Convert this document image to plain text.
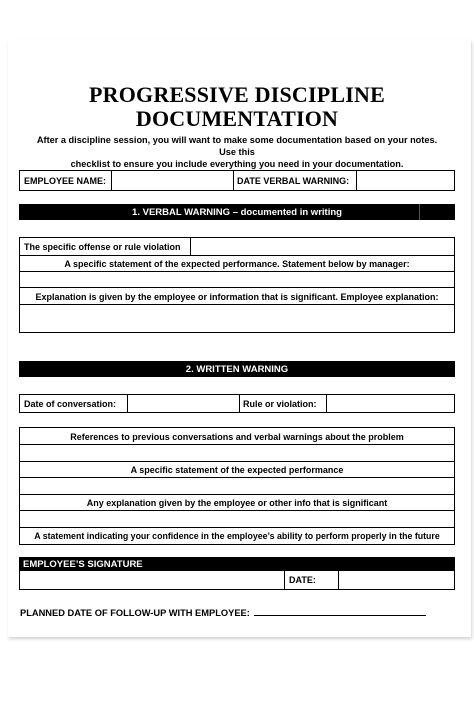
PROGRESSIVE DISCIPLINE
DOCUMENTATION
After a discipline session, you will want to make some documentation based on your notes. Use this
checklist to ensure you include everything you need in your documentation.
EMPLOYEE NAME:	DATE VERBAL WARNING:
1. VERBAL WARNING – documented in writing
The specific offense or rule violation
A specific statement of the expected performance. Statement below by manager:
Explanation is given by the employee or information that is significant. Employee explanation:
2. WRITTEN WARNING
Date of conversation:	Rule or violation:
References to previous conversations and verbal warnings about the problem
A specific statement of the expected performance
Any explanation given by the employee or other info that is significant
A statement indicating your confidence in the employee’s ability to perform properly in the future
EMPLOYEE’S SIGNATURE
DATE:
PLANNED DATE OF FOLLOW-UP WITH EMPLOYEE:
